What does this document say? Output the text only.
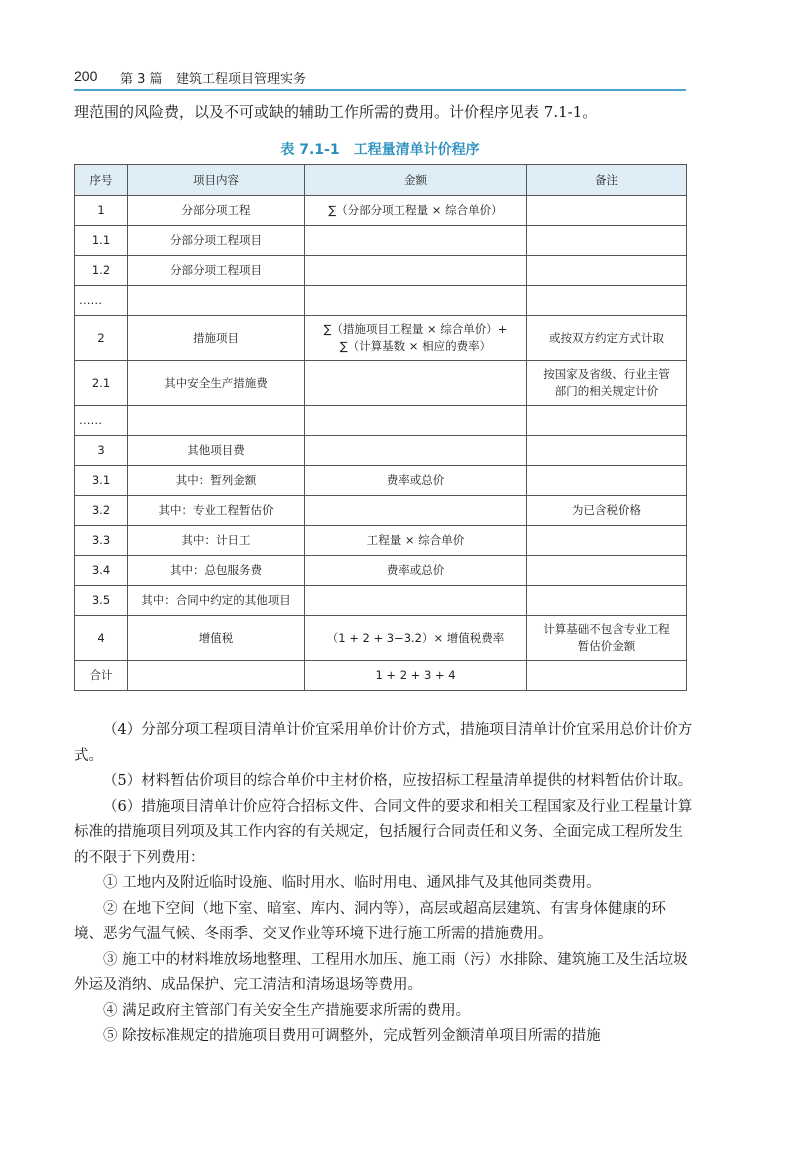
200 第 3 篇 建筑工程项目管理实务
理范围的风险费，以及不可或缺的辅助工作所需的费用。计价程序见表 7.1-1。
表 7.1-1　工程量清单计价程序
序号	项目内容	金额	备注
1	分部分项工程	∑（分部分项工程量 × 综合单价）	
1.1	分部分项工程项目		
1.2	分部分项工程项目		
……			
2	措施项目	∑（措施项目工程量 × 综合单价）+
∑（计算基数 × 相应的费率）	或按双方约定方式计取
2.1	其中安全生产措施费		按国家及省级、行业主管
部门的相关规定计价

……			
3	其他项目费		
3.1	其中：暂列金额	费率或总价	
3.2	其中：专业工程暂估价		为已含税价格
3.3	其中：计日工	工程量 × 综合单价	
3.4	其中：总包服务费	费率或总价	
3.5	其中：合同中约定的其他项目		
4	增值税	（1 + 2 + 3−3.2）× 增值税费率	计算基础不包含专业工程
暂估价金额

合计		1 + 2 + 3 + 4	

（4）分部分项工程项目清单计价宜采用单价计价方式，措施项目清单计价宜采用总价计价方式。

（5）材料暂估价项目的综合单价中主材价格，应按招标工程量清单提供的材料暂估价计取。

（6）措施项目清单计价应符合招标文件、合同文件的要求和相关工程国家及行业工程量计算标准的措施项目列项及其工作内容的有关规定，包括履行合同责任和义务、全面完成工程所发生的不限于下列费用：

① 工地内及附近临时设施、临时用水、临时用电、通风排气及其他同类费用。

② 在地下空间（地下室、暗室、库内、洞内等），高层或超高层建筑、有害身体健康的环境、恶劣气温气候、冬雨季、交叉作业等环境下进行施工所需的措施费用。

③ 施工中的材料堆放场地整理、工程用水加压、施工雨（污）水排除、建筑施工及生活垃圾外运及消纳、成品保护、完工清洁和清场退场等费用。

④ 满足政府主管部门有关安全生产措施要求所需的费用。

⑤ 除按标准规定的措施项目费用可调整外，完成暂列金额清单项目所需的措施
